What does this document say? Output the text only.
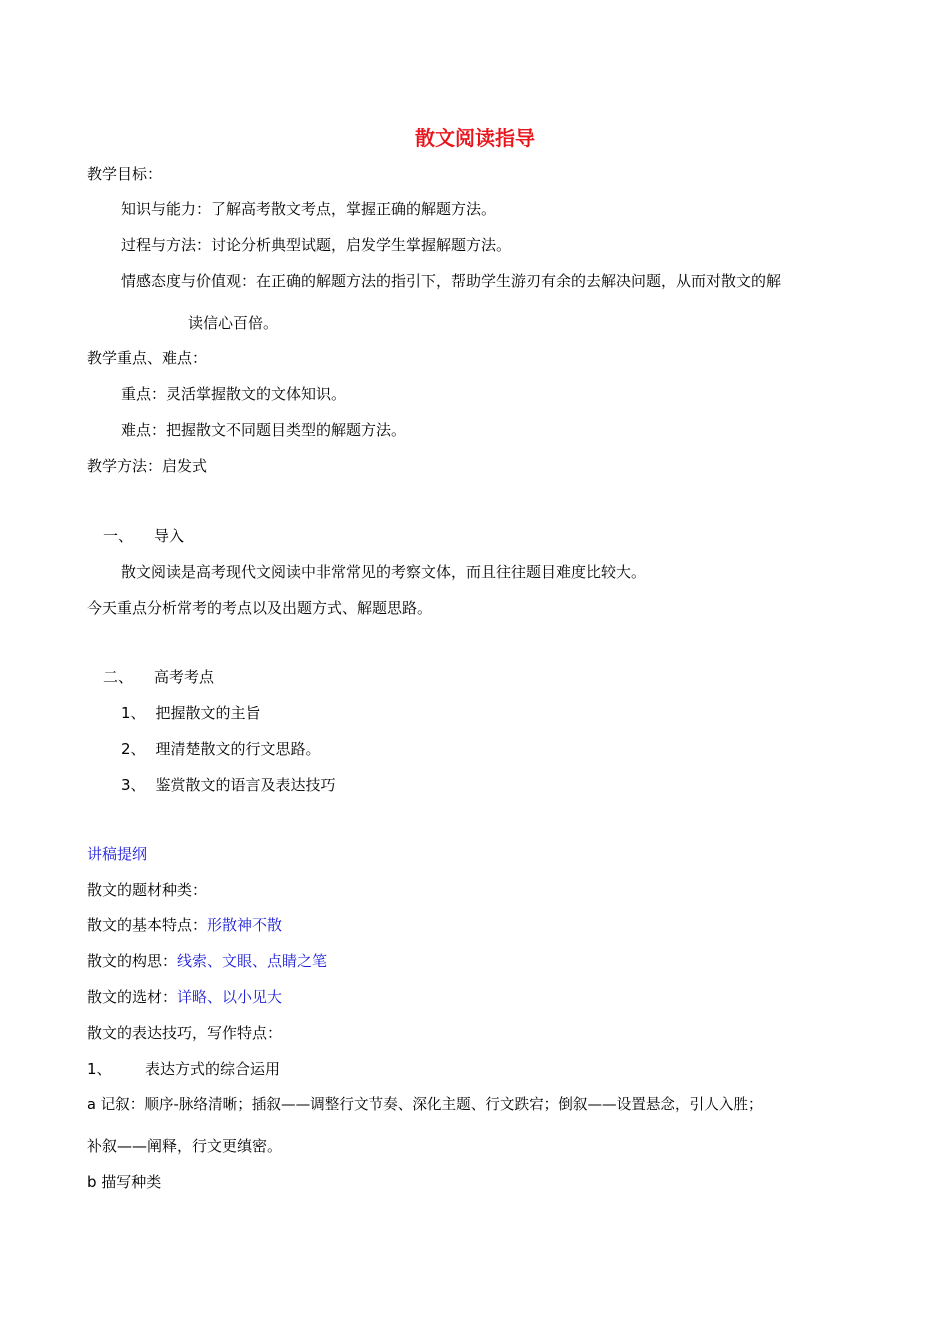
散文阅读指导
教学目标：
知识与能力：了解高考散文考点，掌握正确的解题方法。
过程与方法：讨论分析典型试题，启发学生掌握解题方法。
情感态度与价值观：在正确的解题方法的指引下，帮助学生游刃有余的去解决问题，从而对散文的解
读信心百倍。
教学重点、难点：
重点：灵活掌握散文的文体知识。
难点：把握散文不同题目类型的解题方法。
教学方法：启发式
一、 导入
散文阅读是高考现代文阅读中非常常见的考察文体，而且往往题目难度比较大。
今天重点分析常考的考点以及出题方式、解题思路。
二、 高考考点
1、 把握散文的主旨
2、 理清楚散文的行文思路。
3、 鉴赏散文的语言及表达技巧
讲稿提纲
散文的题材种类：
散文的基本特点：形散神不散
散文的构思：线索、文眼、点睛之笔
散文的选材：详略、以小见大
散文的表达技巧，写作特点：
1、 表达方式的综合运用
a 记叙：顺序-脉络清晰；插叙——调整行文节奏、深化主题、行文跌宕；倒叙——设置悬念，引人入胜；
补叙——阐释，行文更缜密。
b 描写种类
